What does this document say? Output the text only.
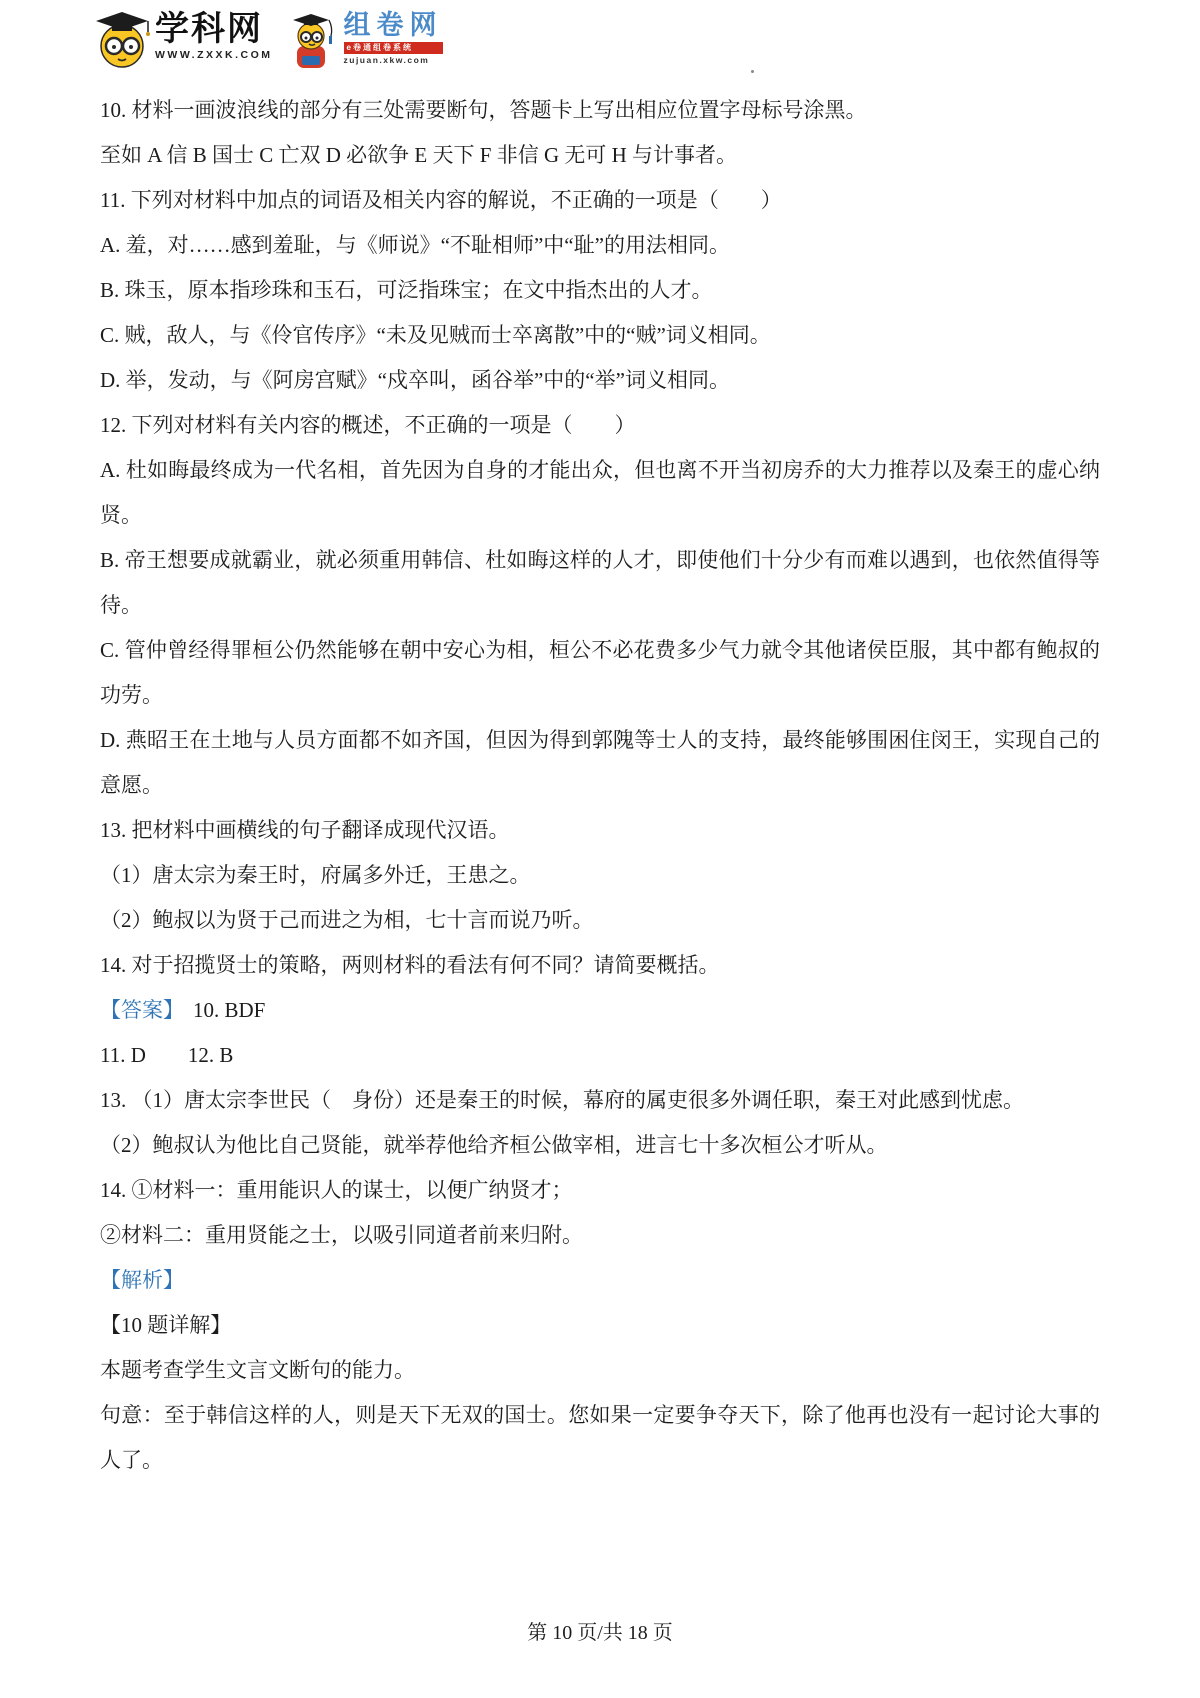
学科网
WWW.ZXXK.COM
组卷网
e卷通组卷系统
zujuan.xkw.com

10. 材料一画波浪线的部分有三处需要断句，答题卡上写出相应位置字母标号涂黑。

至如 A 信 B 国士 C 亡双 D 必欲争 E 天下 F 非信 G 无可 H 与计事者。

11. 下列对材料中加点的词语及相关内容的解说，不正确的一项是（　　）

A. 羞，对……感到羞耻，与《师说》“不耻相师”中“耻”的用法相同。

B. 珠玉，原本指珍珠和玉石，可泛指珠宝；在文中指杰出的人才。

C. 贼，敌人，与《伶官传序》“未及见贼而士卒离散”中的“贼”词义相同。

D. 举，发动，与《阿房宫赋》“戍卒叫，函谷举”中的“举”词义相同。

12. 下列对材料有关内容的概述，不正确的一项是（　　）

A. 杜如晦最终成为一代名相，首先因为自身的才能出众，但也离不开当初房乔的大力推荐以及秦王的虚心纳贤。

B. 帝王想要成就霸业，就必须重用韩信、杜如晦这样的人才，即使他们十分少有而难以遇到，也依然值得等待。

C. 管仲曾经得罪桓公仍然能够在朝中安心为相，桓公不必花费多少气力就令其他诸侯臣服，其中都有鲍叔的功劳。

D. 燕昭王在土地与人员方面都不如齐国，但因为得到郭隗等士人的支持，最终能够围困住闵王，实现自己的意愿。

13. 把材料中画横线的句子翻译成现代汉语。

（1）唐太宗为秦王时，府属多外迁，王患之。

（2）鲍叔以为贤于己而进之为相，七十言而说乃听。

14. 对于招揽贤士的策略，两则材料的看法有何不同？请简要概括。

【答案】 10. BDF

11. D　　12. B

13. （1）唐太宗李世民（　身份）还是秦王的时候，幕府的属吏很多外调任职，秦王对此感到忧虑。

（2）鲍叔认为他比自己贤能，就举荐他给齐桓公做宰相，进言七十多次桓公才听从。

14. ①材料一：重用能识人的谋士，以便广纳贤才；

②材料二：重用贤能之士，以吸引同道者前来归附。

【解析】

【10 题详解】

本题考查学生文言文断句的能力。

句意：至于韩信这样的人，则是天下无双的国士。您如果一定要争夺天下，除了他再也没有一起讨论大事的人了。

第 10 页/共 18 页
